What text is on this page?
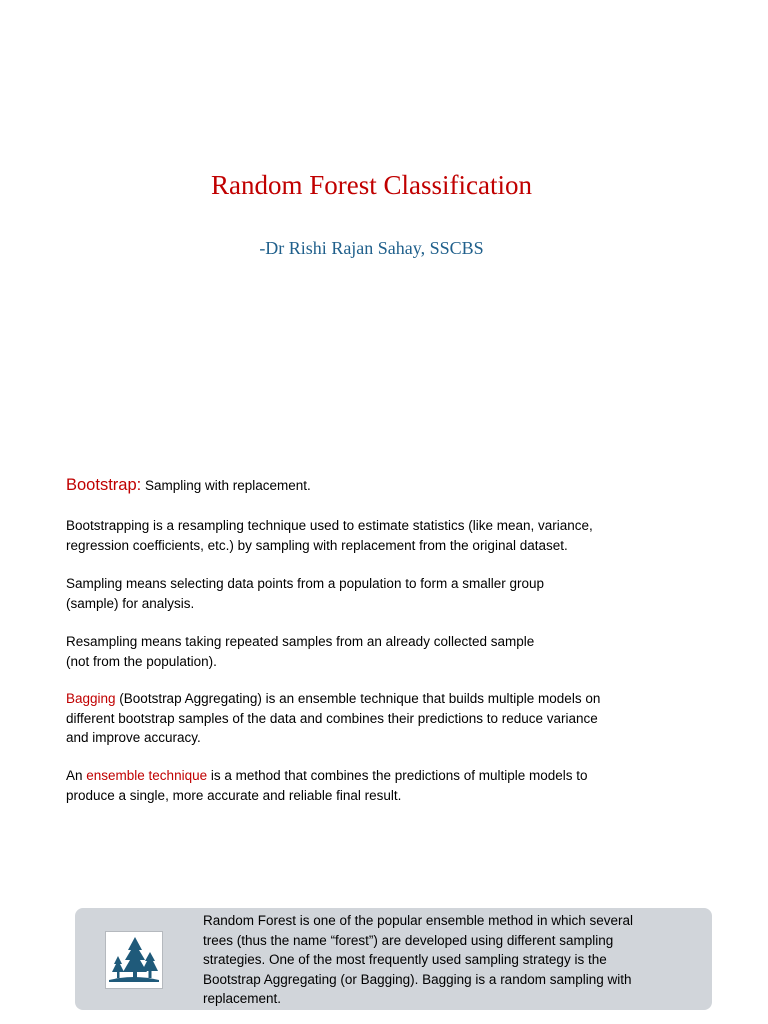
Random Forest Classification
-Dr Rishi Rajan Sahay, SSCBS
Bootstrap: Sampling with replacement.
Bootstrapping is a resampling technique used to estimate statistics (like mean, variance,
regression coefficients, etc.) by sampling with replacement from the original dataset.
Sampling means selecting data points from a population to form a smaller group
(sample) for analysis.
Resampling means taking repeated samples from an already collected sample
(not from the population).
Bagging (Bootstrap Aggregating) is an ensemble technique that builds multiple models on
different bootstrap samples of the data and combines their predictions to reduce variance
and improve accuracy.
An ensemble technique is a method that combines the predictions of multiple models to
produce a single, more accurate and reliable final result.
Random Forest is one of the popular ensemble method in which several
trees (thus the name “forest”) are developed using different sampling
strategies. One of the most frequently used sampling strategy is the
Bootstrap Aggregating (or Bagging). Bagging is a random sampling with
replacement.
